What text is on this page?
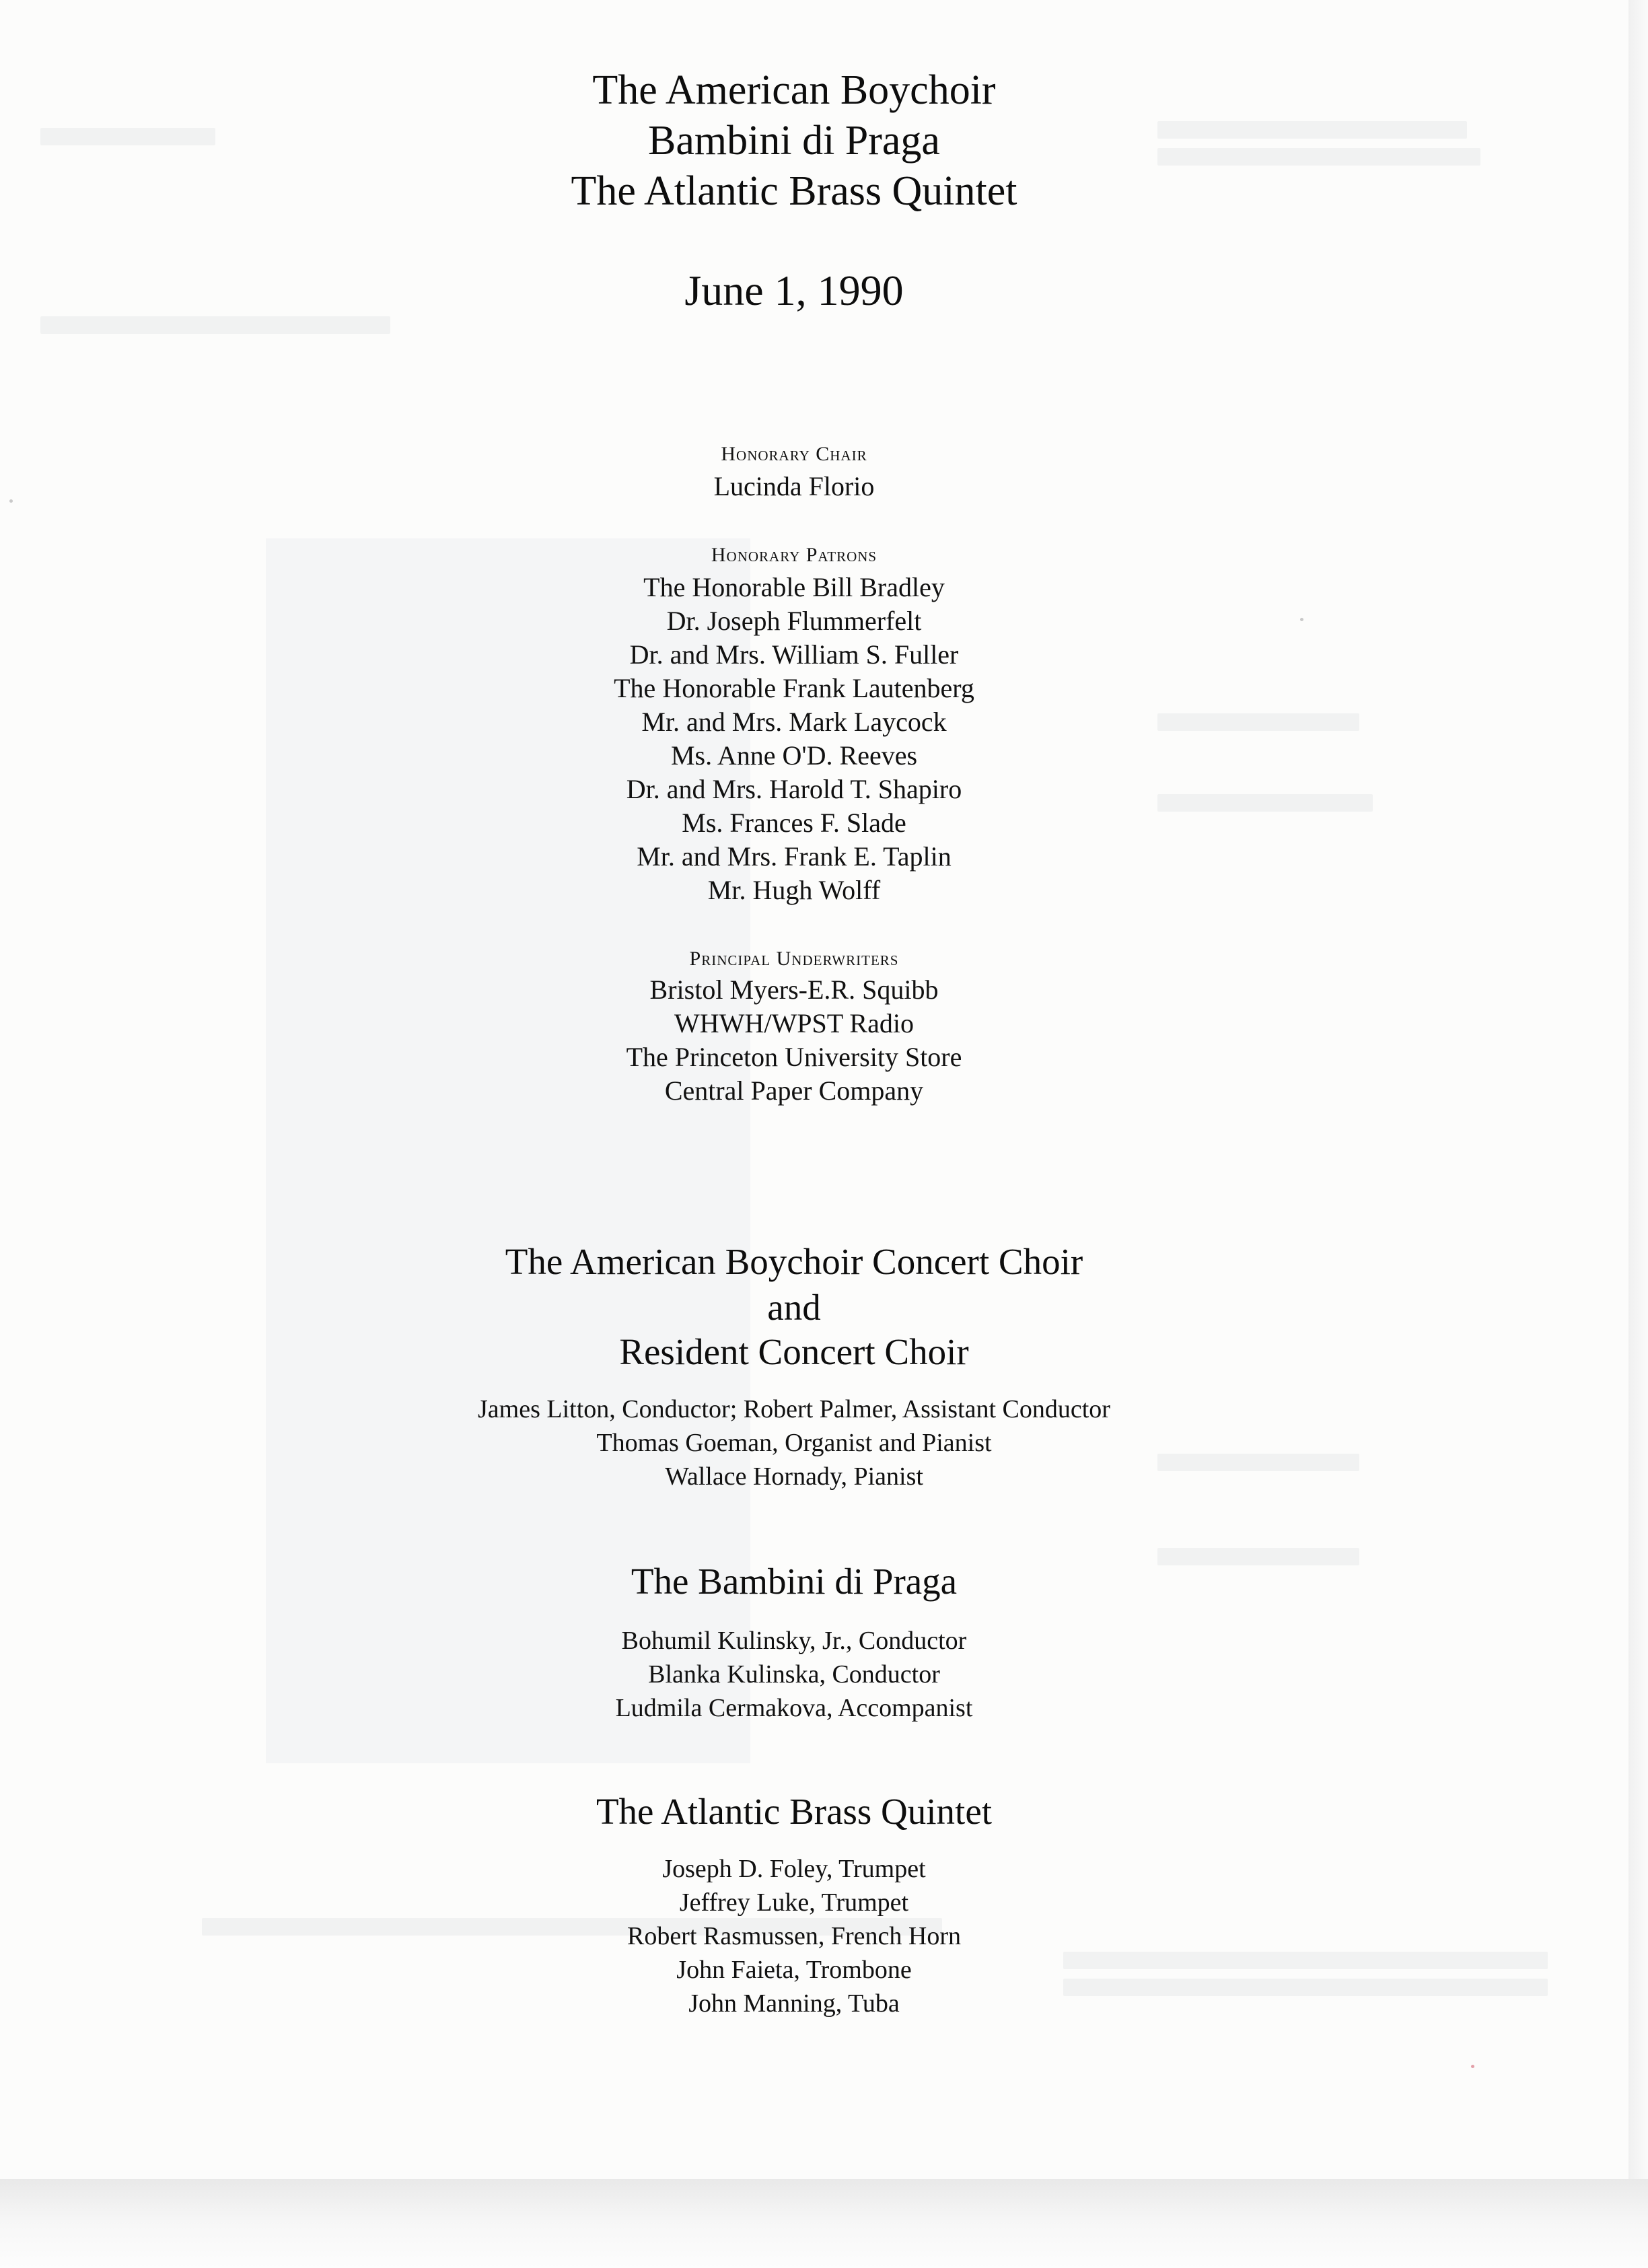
The American Boychoir
Bambini di Praga
The Atlantic Brass Quintet
June 1, 1990
Honorary Chair
Lucinda Florio
Honorary Patrons
The Honorable Bill Bradley
Dr. Joseph Flummerfelt
Dr. and Mrs. William S. Fuller
The Honorable Frank Lautenberg
Mr. and Mrs. Mark Laycock
Ms. Anne O'D. Reeves
Dr. and Mrs. Harold T. Shapiro
Ms. Frances F. Slade
Mr. and Mrs. Frank E. Taplin
Mr. Hugh Wolff
Principal Underwriters
Bristol Myers-E.R. Squibb
WHWH/WPST Radio
The Princeton University Store
Central Paper Company
The American Boychoir Concert Choir
and
Resident Concert Choir
James Litton, Conductor; Robert Palmer, Assistant Conductor
Thomas Goeman, Organist and Pianist
Wallace Hornady, Pianist
The Bambini di Praga
Bohumil Kulinsky, Jr., Conductor
Blanka Kulinska, Conductor
Ludmila Cermakova, Accompanist
The Atlantic Brass Quintet
Joseph D. Foley, Trumpet
Jeffrey Luke, Trumpet
Robert Rasmussen, French Horn
John Faieta, Trombone
John Manning, Tuba
